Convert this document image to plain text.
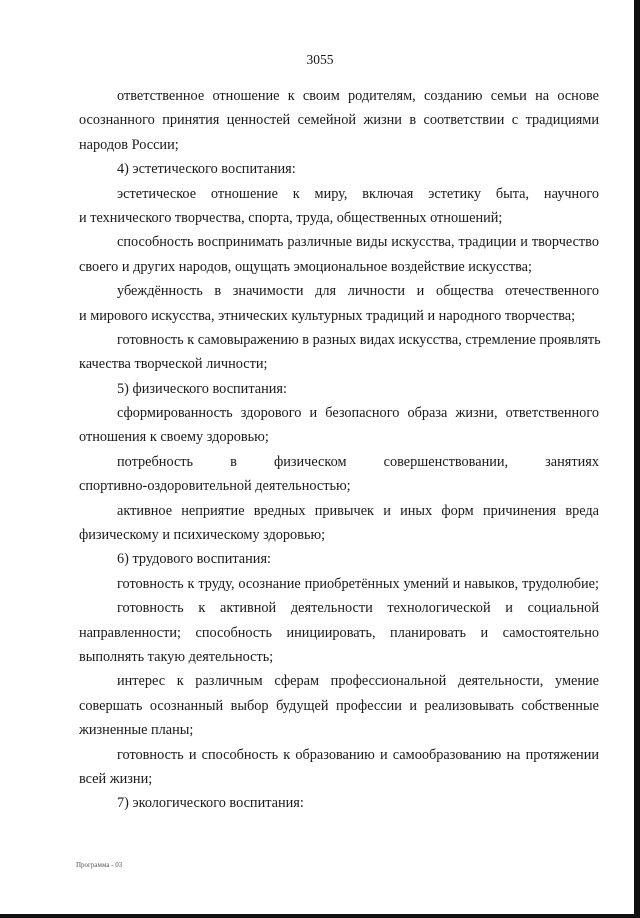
3055
ответственное отношение к своим родителям, созданию семьи на основе
осознанного принятия ценностей семейной жизни в соответствии с традициями
народов России;
4) эстетического воспитания:
эстетическое отношение к миру, включая эстетику быта, научного
и технического творчества, спорта, труда, общественных отношений;
способность воспринимать различные виды искусства, традиции и творчество
своего и других народов, ощущать эмоциональное воздействие искусства;
убеждённость в значимости для личности и общества отечественного
и мирового искусства, этнических культурных традиций и народного творчества;
готовность к самовыражению в разных видах искусства, стремление проявлять
качества творческой личности;
5) физического воспитания:
сформированность здорового и безопасного образа жизни, ответственного
отношения к своему здоровью;
потребность в физическом совершенствовании, занятиях
спортивно-оздоровительной деятельностью;
активное неприятие вредных привычек и иных форм причинения вреда
физическому и психическому здоровью;
6) трудового воспитания:
готовность к труду, осознание приобретённых умений и навыков, трудолюбие;
готовность к активной деятельности технологической и социальной
направленности; способность инициировать, планировать и самостоятельно
выполнять такую деятельность;
интерес к различным сферам профессиональной деятельности, умение
совершать осознанный выбор будущей профессии и реализовывать собственные
жизненные планы;
готовность и способность к образованию и самообразованию на протяжении
всей жизни;
7) экологического воспитания:
Программа - 03
